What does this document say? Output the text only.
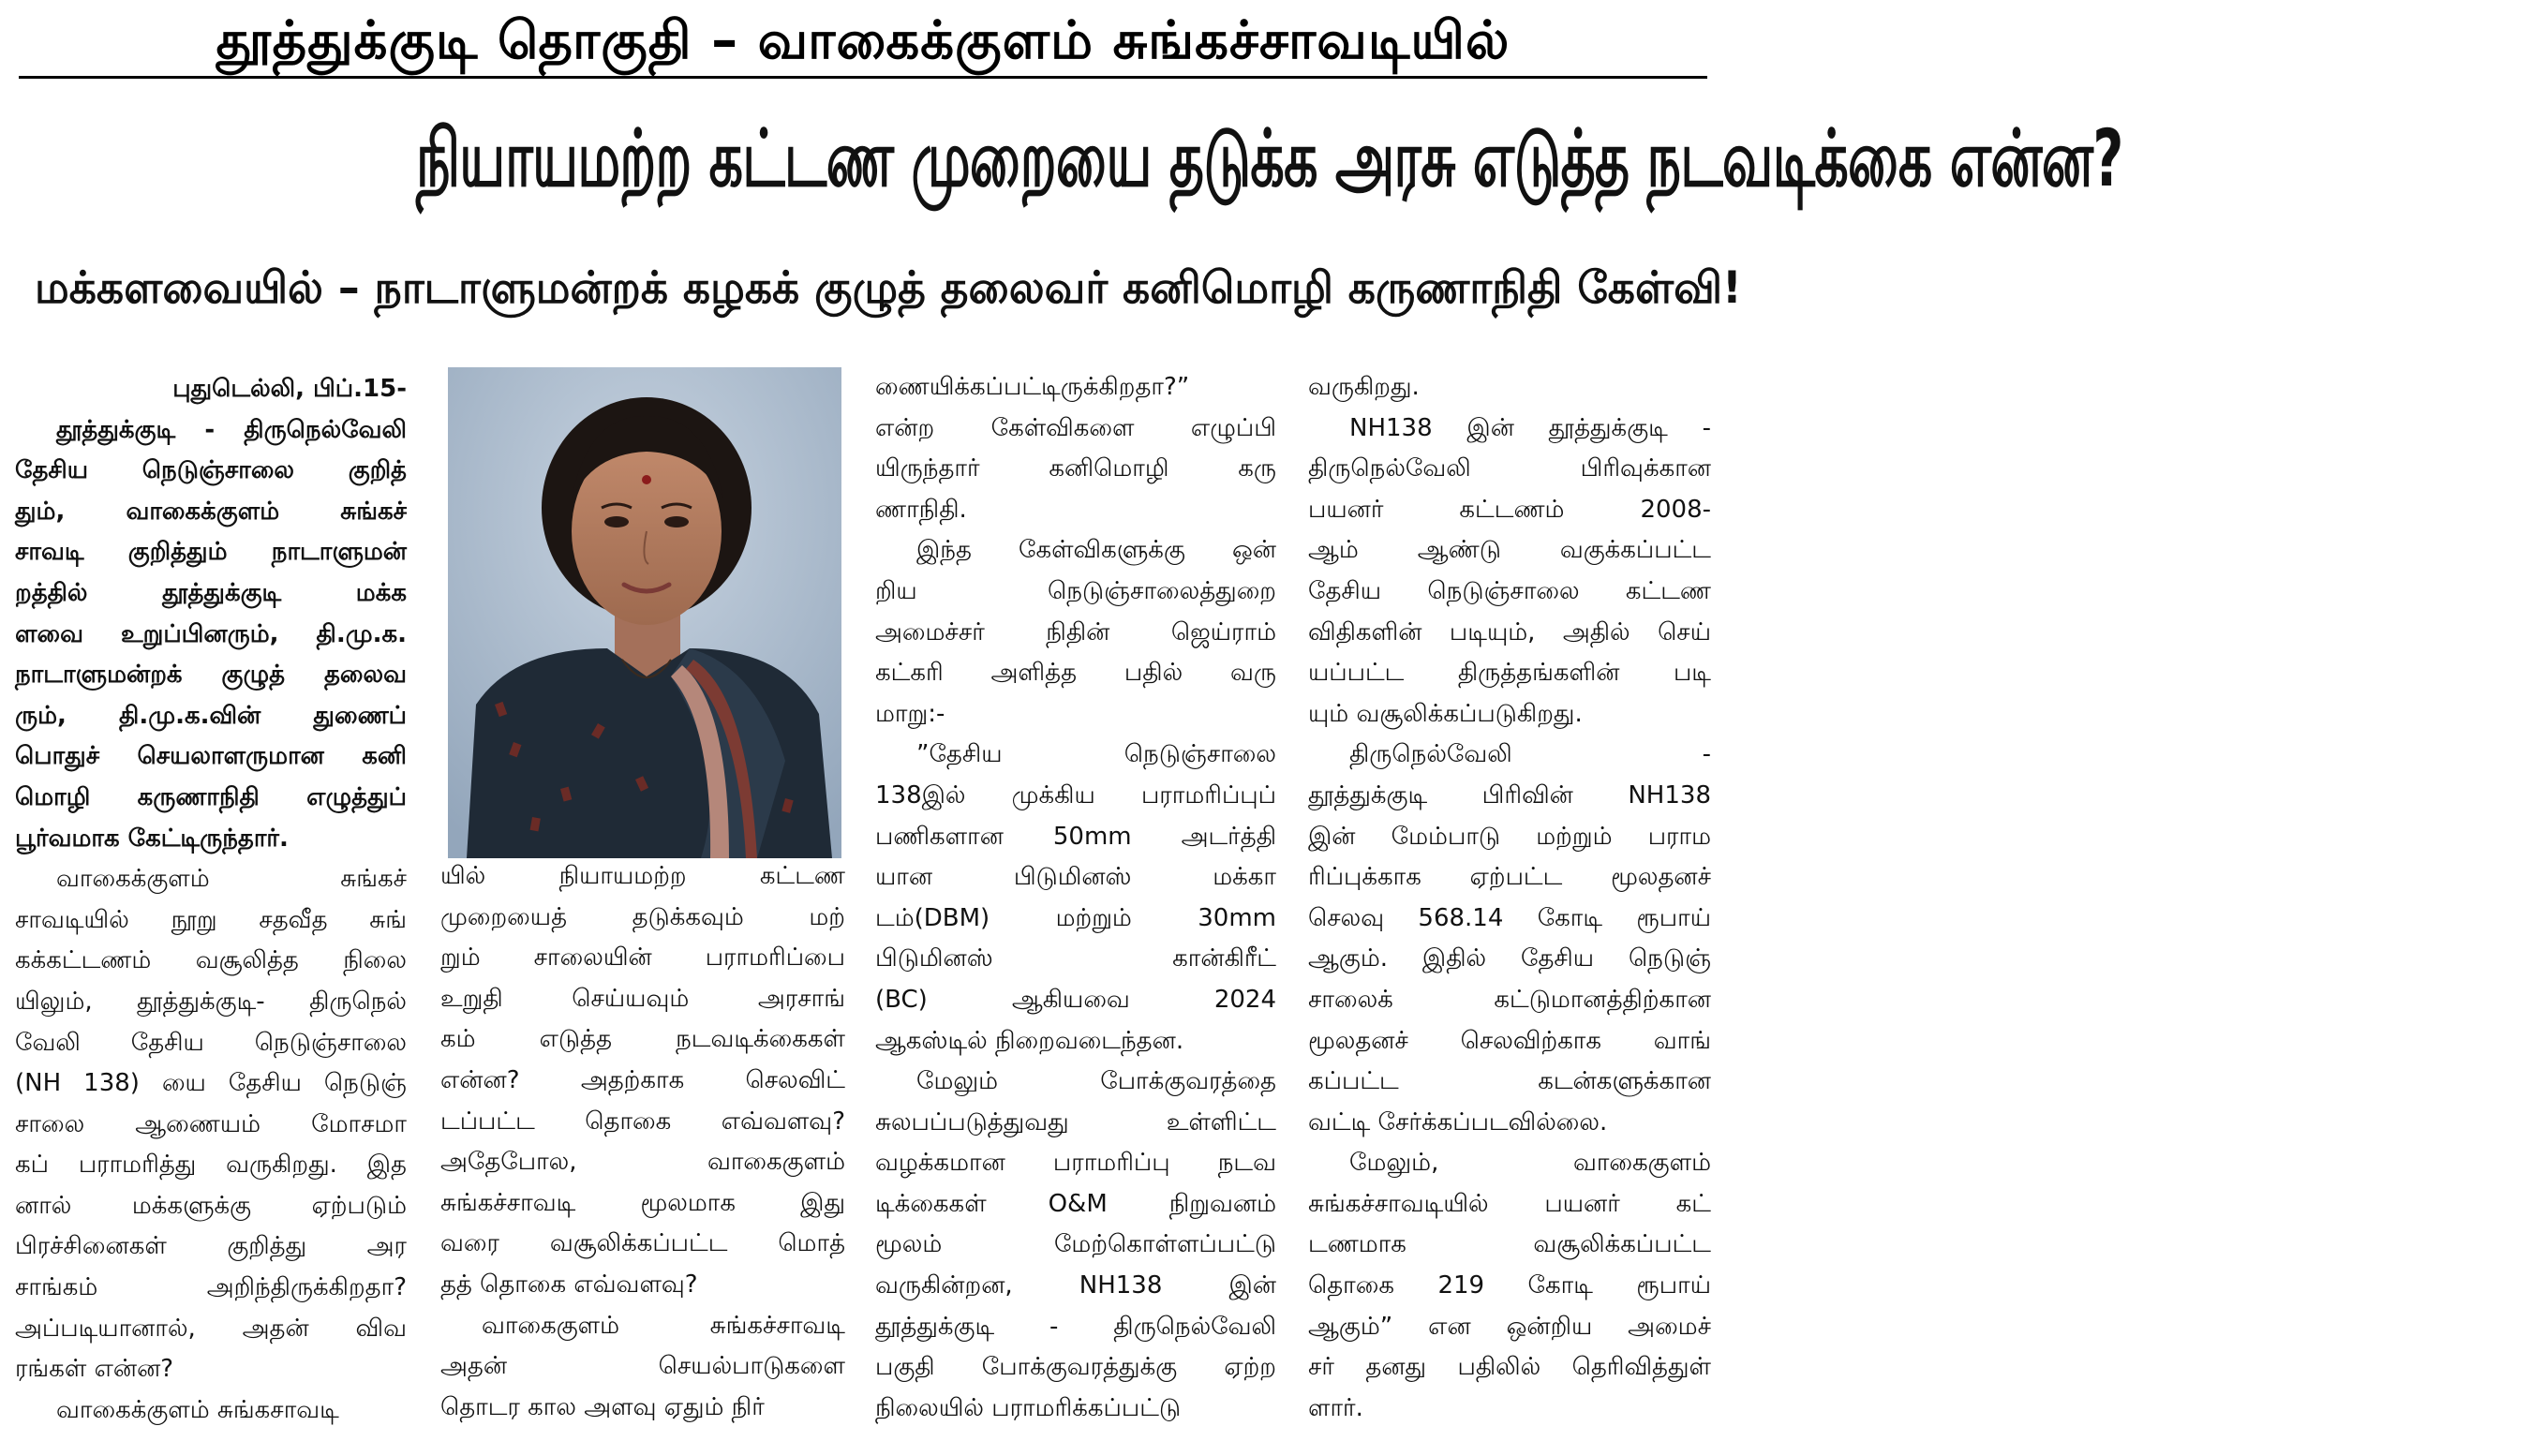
தூத்துக்குடி தொகுதி – வாகைக்குளம் சுங்கச்சாவடியில்
நியாயமற்ற கட்டண முறையை தடுக்க அரசு எடுத்த நடவடிக்கை என்ன?
மக்களவையில் – நாடாளுமன்றக் கழகக் குழுத் தலைவர் கனிமொழி கருணாநிதி கேள்வி!

புதுடெல்லி, பிப்.15-

தூத்துக்குடி - திருநெல்வேலி
தேசிய நெடுஞ்சாலை குறித்
தும், வாகைக்குளம் சுங்கச்
சாவடி குறித்தும் நாடாளுமன்
றத்தில் தூத்துக்குடி மக்க
ளவை உறுப்பினரும், தி.மு.க.
நாடாளுமன்றக் குழுத் தலைவ
ரும், தி.மு.க.வின் துணைப்
பொதுச் செயலாளருமான கனி
மொழி கருணாநிதி எழுத்துப்
பூர்வமாக கேட்டிருந்தார்.

வாகைக்குளம் சுங்கச்
சாவடியில் நூறு சதவீத சுங்
கக்கட்டணம் வசூலித்த நிலை
யிலும், தூத்துக்குடி- திருநெல்
வேலி தேசிய நெடுஞ்சாலை
(NH 138) யை தேசிய நெடுஞ்
சாலை ஆணையம் மோசமா
கப் பராமரித்து வருகிறது. இத
னால் மக்களுக்கு ஏற்படும்
பிரச்சினைகள் குறித்து அர
சாங்கம் அறிந்திருக்கிறதா?
அப்படியானால், அதன் விவ
ரங்கள் என்ன?

வாகைக்குளம் சுங்கசாவடி

யில் நியாயமற்ற கட்டண
முறையைத் தடுக்கவும் மற்
றும் சாலையின் பராமரிப்பை
உறுதி செய்யவும் அரசாங்
கம் எடுத்த நடவடிக்கைகள்
என்ன? அதற்காக செலவிட்
டப்பட்ட தொகை எவ்வளவு?
அதேபோல, வாகைகுளம்
சுங்கச்சாவடி மூலமாக இது
வரை வசூலிக்கப்பட்ட மொத்
தத் தொகை எவ்வளவு?

வாகைகுளம் சுங்கச்சாவடி
அதன் செயல்பாடுகளை
தொடர கால அளவு ஏதும் நிர்

ணையிக்கப்பட்டிருக்கிறதா?”
என்ற கேள்விகளை எழுப்பி
யிருந்தார் கனிமொழி கரு
ணாநிதி.

இந்த கேள்விகளுக்கு ஒன்
றிய நெடுஞ்சாலைத்துறை
அமைச்சர் நிதின் ஜெய்ராம்
கட்கரி அளித்த பதில் வரு
மாறு:-

”தேசிய நெடுஞ்சாலை
138இல் முக்கிய பராமரிப்புப்
பணிகளான 50mm அடர்த்தி
யான பிடுமினஸ் மக்கா
டம்(DBM) மற்றும் 30mm
பிடுமினஸ் கான்கிரீட்
(BC) ஆகியவை 2024
ஆகஸ்டில் நிறைவடைந்தன.

மேலும் போக்குவரத்தை
சுலபப்படுத்துவது உள்ளிட்ட
வழக்கமான பராமரிப்பு நடவ
டிக்கைகள் O&M நிறுவனம்
மூலம் மேற்கொள்ளப்பட்டு
வருகின்றன, NH138 இன்
தூத்துக்குடி - திருநெல்வேலி
பகுதி போக்குவரத்துக்கு ஏற்ற
நிலையில் பராமரிக்கப்பட்டு

வருகிறது.

NH138 இன் தூத்துக்குடி -
திருநெல்வேலி பிரிவுக்கான
பயனர் கட்டணம் 2008-
ஆம் ஆண்டு வகுக்கப்பட்ட
தேசிய நெடுஞ்சாலை கட்டண
விதிகளின் படியும், அதில் செய்
யப்பட்ட திருத்தங்களின் படி
யும் வசூலிக்கப்படுகிறது.

திருநெல்வேலி -
தூத்துக்குடி பிரிவின் NH138
இன் மேம்பாடு மற்றும் பராம
ரிப்புக்காக ஏற்பட்ட மூலதனச்
செலவு 568.14 கோடி ரூபாய்
ஆகும். இதில் தேசிய நெடுஞ்
சாலைக் கட்டுமானத்திற்கான
மூலதனச் செலவிற்காக வாங்
கப்பட்ட கடன்களுக்கான
வட்டி சேர்க்கப்படவில்லை.

மேலும், வாகைகுளம்
சுங்கச்சாவடியில் பயனர் கட்
டணமாக வசூலிக்கப்பட்ட
தொகை 219 கோடி ரூபாய்
ஆகும்” என ஒன்றிய அமைச்
சர் தனது பதிலில் தெரிவித்துள்
ளார்.
